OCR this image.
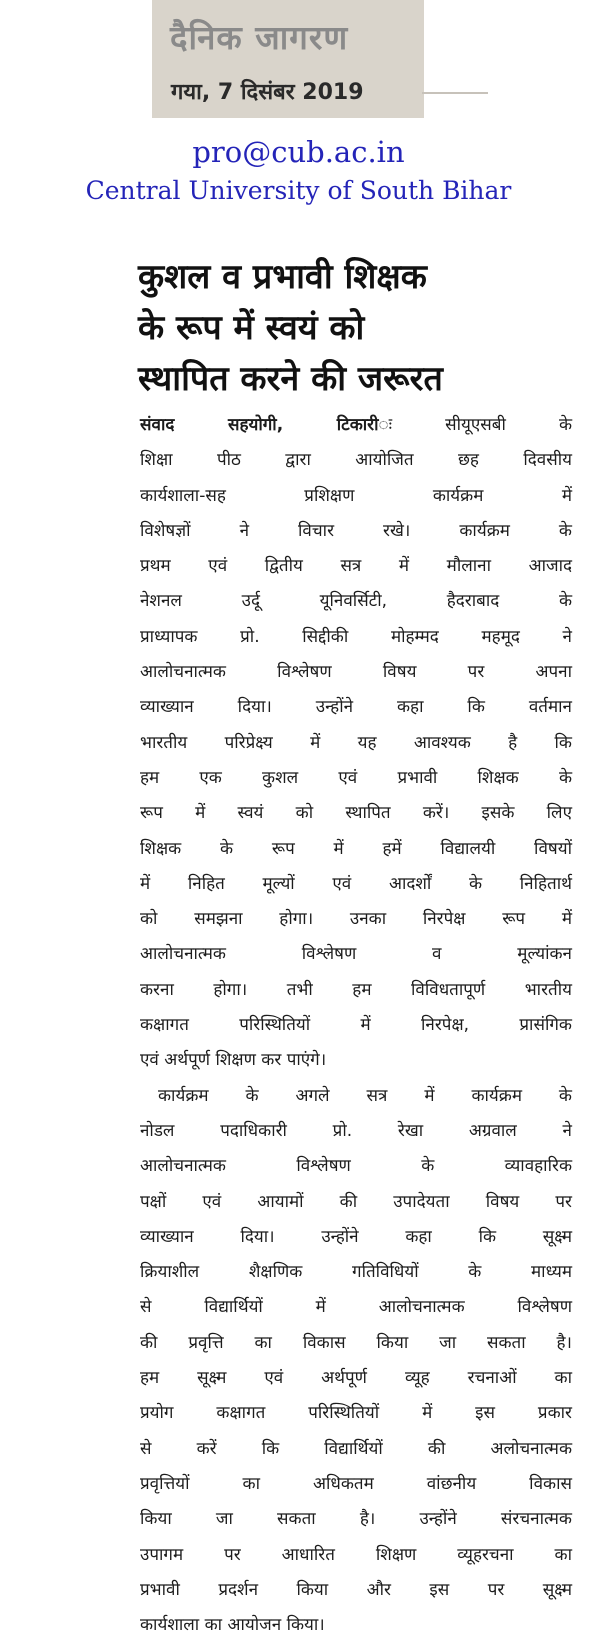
दैनिक जागरण
गया, 7 दिसंबर 2019
pro@cub.ac.in
Central University of South Bihar
कुशल व प्रभावी शिक्षक
के रूप में स्वयं को
स्थापित करने की जरूरत
संवाद सहयोगी, टिकारीः सीयूएसबी के
शिक्षा पीठ द्वारा आयोजित छह दिवसीय
कार्यशाला-सह प्रशिक्षण कार्यक्रम में
विशेषज्ञों ने विचार रखे। कार्यक्रम के
प्रथम एवं द्वितीय सत्र में मौलाना आजाद
नेशनल उर्दू यूनिवर्सिटी, हैदराबाद के
प्राध्यापक प्रो. सिद्दीकी मोहम्मद महमूद ने
आलोचनात्मक विश्लेषण विषय पर अपना
व्याख्यान दिया। उन्होंने कहा कि वर्तमान
भारतीय परिप्रेक्ष्य में यह आवश्यक है कि
हम एक कुशल एवं प्रभावी शिक्षक के
रूप में स्वयं को स्थापित करें। इसके लिए
शिक्षक के रूप में हमें विद्यालयी विषयों
में निहित मूल्यों एवं आदर्शों के निहितार्थ
को समझना होगा। उनका निरपेक्ष रूप में
आलोचनात्मक विश्लेषण व मूल्यांकन
करना होगा। तभी हम विविधतापूर्ण भारतीय
कक्षागत परिस्थितियों में निरपेक्ष, प्रासंगिक
एवं अर्थपूर्ण शिक्षण कर पाएंगे।
कार्यक्रम के अगले सत्र में कार्यक्रम के
नोडल पदाधिकारी प्रो. रेखा अग्रवाल ने
आलोचनात्मक विश्लेषण के व्यावहारिक
पक्षों एवं आयामों की उपादेयता विषय पर
व्याख्यान दिया। उन्होंने कहा कि सूक्ष्म
क्रियाशील शैक्षणिक गतिविधियों के माध्यम
से विद्यार्थियों में आलोचनात्मक विश्लेषण
की प्रवृत्ति का विकास किया जा सकता है।
हम सूक्ष्म एवं अर्थपूर्ण व्यूह रचनाओं का
प्रयोग कक्षागत परिस्थितियों में इस प्रकार
से करें कि विद्यार्थियों की अलोचनात्मक
प्रवृत्तियों का अधिकतम वांछनीय विकास
किया जा सकता है। उन्होंने संरचनात्मक
उपागम पर आधारित शिक्षण व्यूहरचना का
प्रभावी प्रदर्शन किया और इस पर सूक्ष्म
कार्यशाला का आयोजन किया।
